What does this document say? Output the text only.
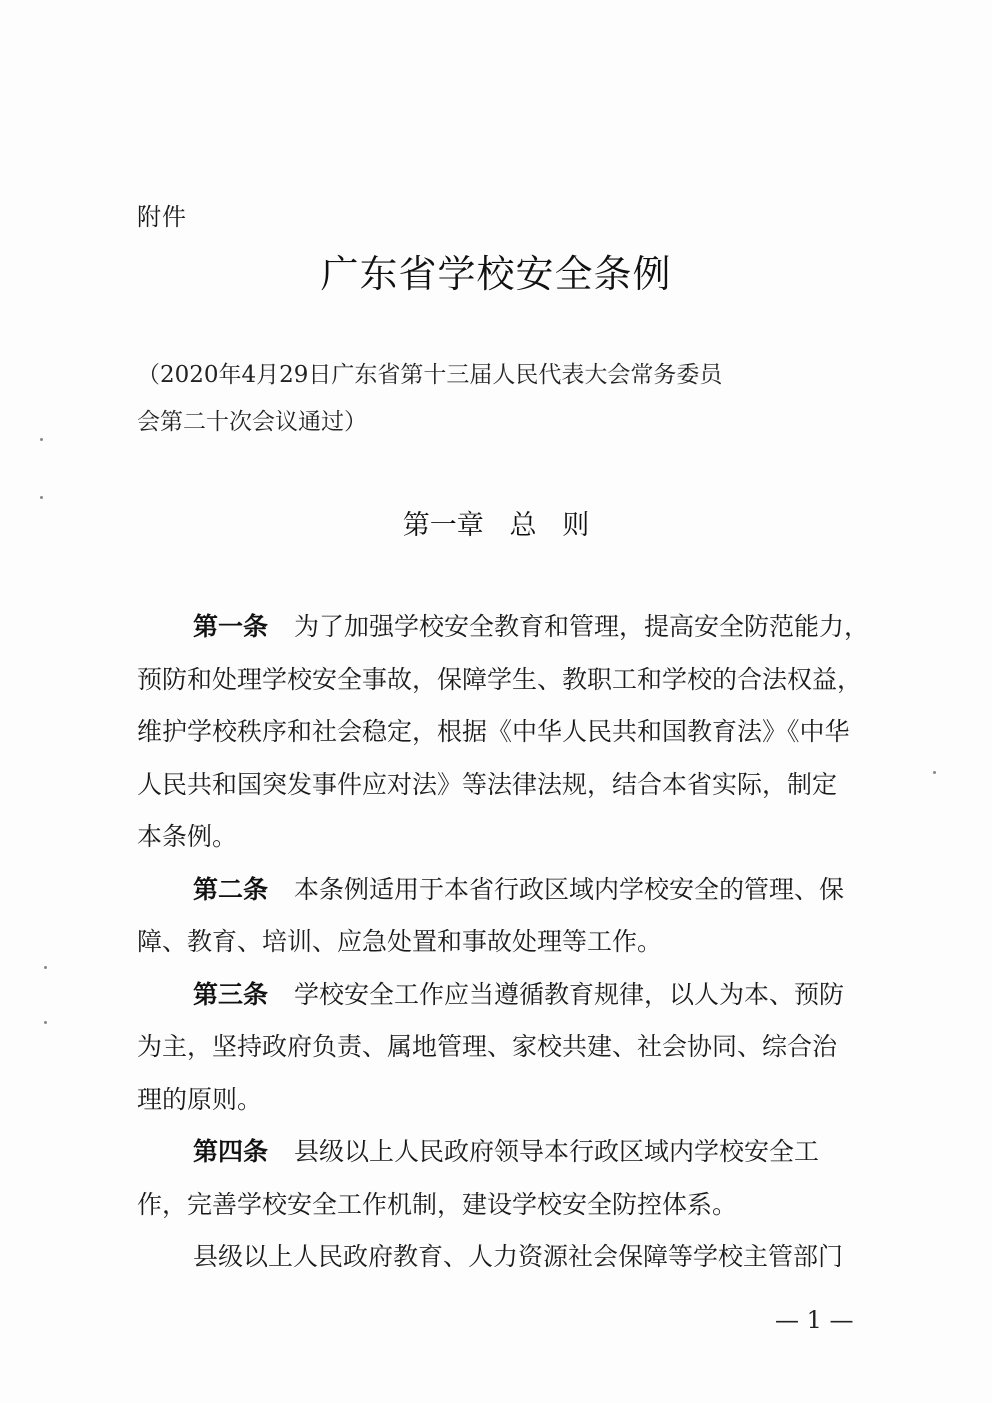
附件
广东省学校安全条例
（2020年4月29日广东省第十三届人民代表大会常务委员
会第二十次会议通过）
第一章   总   则
第一条 为了加强学校安全教育和管理，提高安全防范能力，
预防和处理学校安全事故，保障学生、教职工和学校的合法权益，
维护学校秩序和社会稳定，根据《中华人民共和国教育法》《中华
人民共和国突发事件应对法》等法律法规，结合本省实际，制定
本条例。
第二条 本条例适用于本省行政区域内学校安全的管理、保
障、教育、培训、应急处置和事故处理等工作。
第三条 学校安全工作应当遵循教育规律，以人为本、预防
为主，坚持政府负责、属地管理、家校共建、社会协同、综合治
理的原则。
第四条 县级以上人民政府领导本行政区域内学校安全工
作，完善学校安全工作机制，建设学校安全防控体系。
县级以上人民政府教育、人力资源社会保障等学校主管部门
— 1 —
